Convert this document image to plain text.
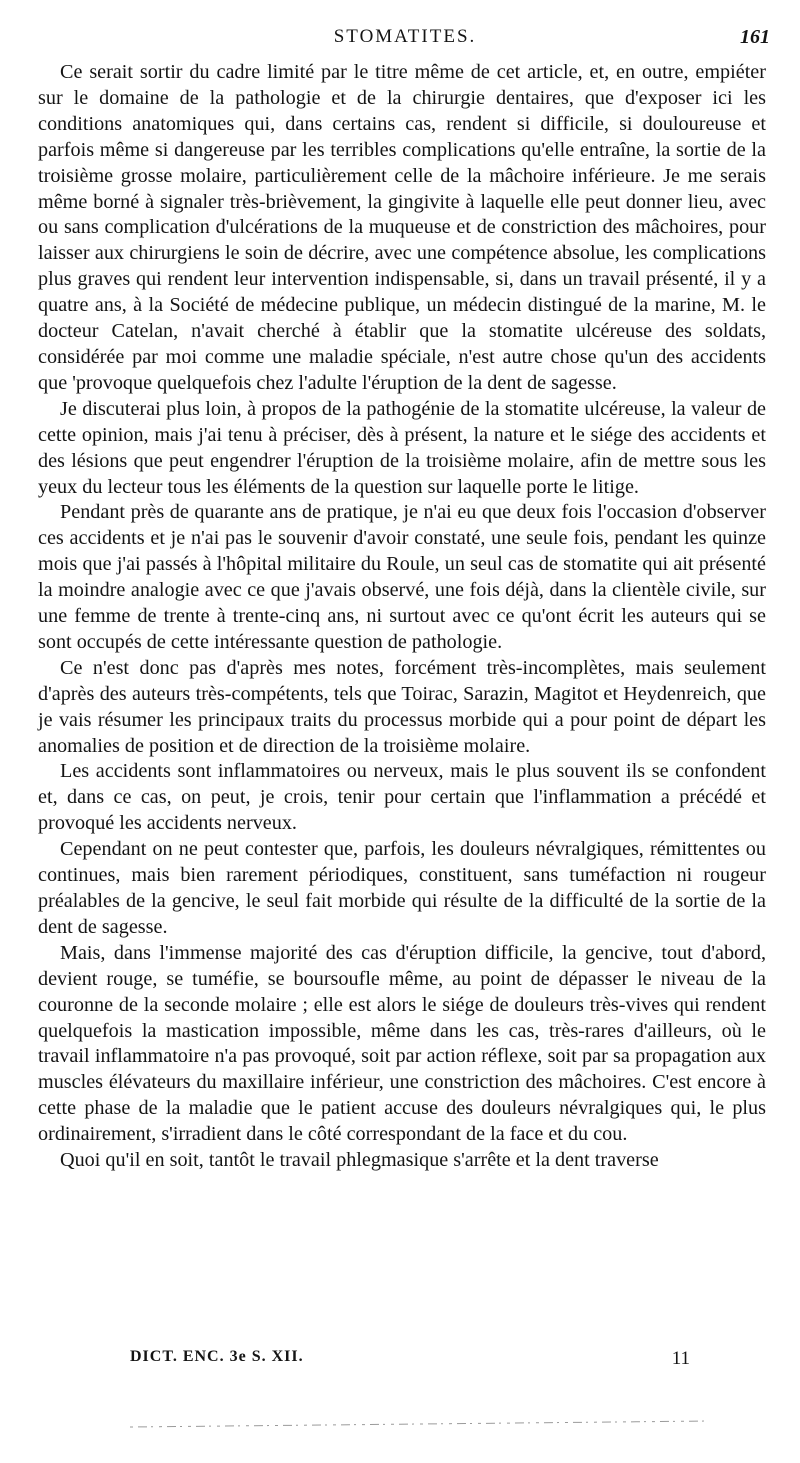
STOMATITES.	161

Ce serait sortir du cadre limité par le titre même de cet article, et, en outre, empiéter sur le domaine de la pathologie et de la chirurgie dentaires, que d'exposer ici les conditions anatomiques qui, dans certains cas, rendent si difficile, si douloureuse et parfois même si dangereuse par les terribles complications qu'elle entraîne, la sortie de la troisième grosse molaire, particulièrement celle de la mâchoire inférieure. Je me serais même borné à signaler très-brièvement, la gingivite à laquelle elle peut donner lieu, avec ou sans complication d'ulcérations de la muqueuse et de constriction des mâchoires, pour laisser aux chirurgiens le soin de décrire, avec une compétence absolue, les complications plus graves qui rendent leur intervention indispensable, si, dans un travail présenté, il y a quatre ans, à la Société de médecine publique, un médecin distingué de la marine, M. le docteur Catelan, n'avait cherché à établir que la stomatite ulcéreuse des soldats, considérée par moi comme une maladie spéciale, n'est autre chose qu'un des accidents que 'provoque quelquefois chez l'adulte l'éruption de la dent de sagesse.

Je discuterai plus loin, à propos de la pathogénie de la stomatite ulcéreuse, la valeur de cette opinion, mais j'ai tenu à préciser, dès à présent, la nature et le siége des accidents et des lésions que peut engendrer l'éruption de la troisième molaire, afin de mettre sous les yeux du lecteur tous les éléments de la question sur laquelle porte le litige.

Pendant près de quarante ans de pratique, je n'ai eu que deux fois l'occasion d'observer ces accidents et je n'ai pas le souvenir d'avoir constaté, une seule fois, pendant les quinze mois que j'ai passés à l'hôpital militaire du Roule, un seul cas de stomatite qui ait présenté la moindre analogie avec ce que j'avais observé, une fois déjà, dans la clientèle civile, sur une femme de trente à trente-cinq ans, ni surtout avec ce qu'ont écrit les auteurs qui se sont occupés de cette intéressante question de pathologie.

Ce n'est donc pas d'après mes notes, forcément très-incomplètes, mais seulement d'après des auteurs très-compétents, tels que Toirac, Sarazin, Magitot et Heydenreich, que je vais résumer les principaux traits du processus morbide qui a pour point de départ les anomalies de position et de direction de la troisième molaire.

Les accidents sont inflammatoires ou nerveux, mais le plus souvent ils se confondent et, dans ce cas, on peut, je crois, tenir pour certain que l'inflammation a précédé et provoqué les accidents nerveux.

Cependant on ne peut contester que, parfois, les douleurs névralgiques, rémittentes ou continues, mais bien rarement périodiques, constituent, sans tuméfaction ni rougeur préalables de la gencive, le seul fait morbide qui résulte de la difficulté de la sortie de la dent de sagesse.

Mais, dans l'immense majorité des cas d'éruption difficile, la gencive, tout d'abord, devient rouge, se tuméfie, se boursoufle même, au point de dépasser le niveau de la couronne de la seconde molaire ; elle est alors le siége de douleurs très-vives qui rendent quelquefois la mastication impossible, même dans les cas, très-rares d'ailleurs, où le travail inflammatoire n'a pas provoqué, soit par action réflexe, soit par sa propagation aux muscles élévateurs du maxillaire inférieur, une constriction des mâchoires. C'est encore à cette phase de la maladie que le patient accuse des douleurs névralgiques qui, le plus ordinairement, s'irradient dans le côté correspondant de la face et du cou.

Quoi qu'il en soit, tantôt le travail phlegmasique s'arrête et la dent traverse

DICT. ENC. 3e S. XII.	11
